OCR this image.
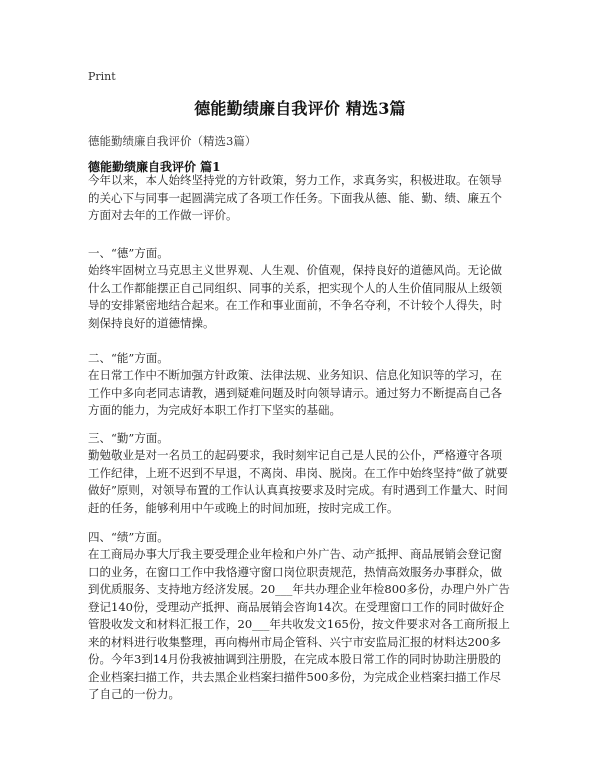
Print
德能勤绩廉自我评价 精选3篇
德能勤绩廉自我评价（精选3篇）
德能勤绩廉自我评价 篇1

今年以来，本人始终坚持党的方针政策，努力工作，求真务实，积极进取。在领导的关心下与同事一起圆满完成了各项工作任务。下面我从德、能、勤、绩、廉五个方面对去年的工作做一评价。

一、“德”方面。

始终牢固树立马克思主义世界观、人生观、价值观，保持良好的道德风尚。无论做什么工作都能摆正自己同组织、同事的关系，把实现个人的人生价值同服从上级领导的安排紧密地结合起来。在工作和事业面前，不争名夺利，不计较个人得失，时刻保持良好的道德情操。

二、“能”方面。

在日常工作中不断加强方针政策、法律法规、业务知识、信息化知识等的学习，在工作中多向老同志请教，遇到疑难问题及时向领导请示。通过努力不断提高自己各方面的能力，为完成好本职工作打下坚实的基础。

三、“勤”方面。

勤勉敬业是对一名员工的起码要求，我时刻牢记自己是人民的公仆，严格遵守各项工作纪律，上班不迟到不早退，不离岗、串岗、脱岗。在工作中始终坚持“做了就要做好”原则，对领导布置的工作认认真真按要求及时完成。有时遇到工作量大、时间赶的任务，能够利用中午或晚上的时间加班，按时完成工作。

四、“绩”方面。

在工商局办事大厅我主要受理企业年检和户外广告、动产抵押、商品展销会登记窗口的业务，在窗口工作中我恪遵守窗口岗位职责规范，热情高效服务办事群众，做到优质服务、支持地方经济发展。20___年共办理企业年检800多份，办理户外广告登记140份，受理动产抵押、商品展销会咨询14次。在受理窗口工作的同时做好企管股收发文和材料汇报工作，20___年共收发文165份，按文件要求对各工商所报上来的材料进行收集整理，再向梅州市局企管科、兴宁市安监局汇报的材料达200多份。今年3到14月份我被抽调到注册股，在完成本股日常工作的同时协助注册股的企业档案扫描工作，共去黑企业档案扫描件500多份，为完成企业档案扫描工作尽了自己的一份力。
